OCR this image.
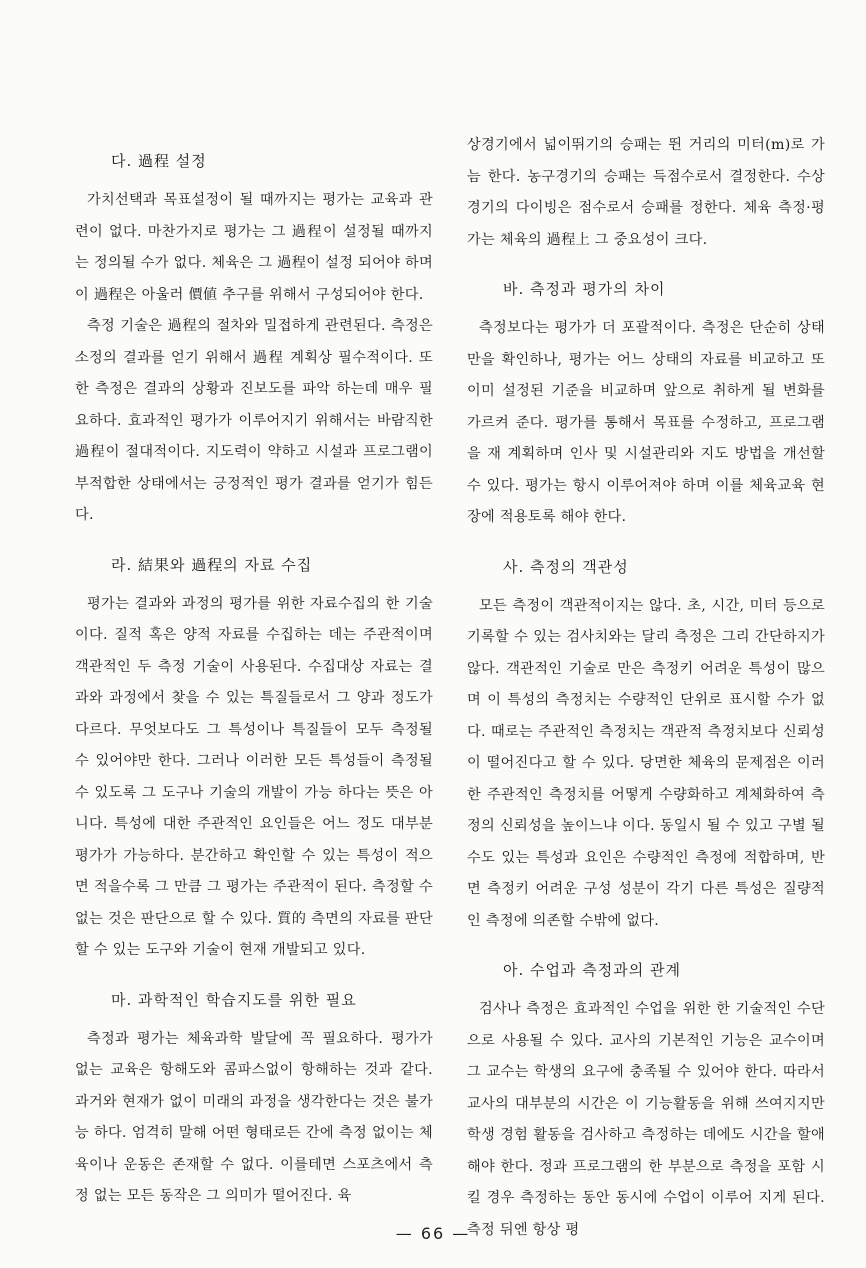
다. 過程 설정

가치선택과 목표설정이 될 때까지는 평가는 교육과 관련이 없다. 마찬가지로 평가는 그 過程이 설정될 때까지는 정의될 수가 없다. 체육은 그 過程이 설정 되어야 하며 이 過程은 아울러 價値 추구를 위해서 구성되어야 한다.

측정 기술은 過程의 절차와 밀접하게 관련된다. 측정은 소정의 결과를 얻기 위해서 過程 계획상 필수적이다. 또한 측정은 결과의 상황과 진보도를 파악 하는데 매우 필요하다. 효과적인 평가가 이루어지기 위해서는 바람직한 過程이 절대적이다. 지도력이 약하고 시설과 프로그램이 부적합한 상태에서는 긍정적인 평가 결과를 얻기가 힘든다.

라. 結果와 過程의 자료 수집

평가는 결과와 과정의 평가를 위한 자료수집의 한 기술이다. 질적 혹은 양적 자료를 수집하는 데는 주관적이며 객관적인 두 측정 기술이 사용된다. 수집대상 자료는 결과와 과정에서 찾을 수 있는 특질들로서 그 양과 정도가 다르다. 무엇보다도 그 특성이나 특질들이 모두 측정될 수 있어야만 한다. 그러나 이러한 모든 특성들이 측정될 수 있도록 그 도구나 기술의 개발이 가능 하다는 뜻은 아니다. 특성에 대한 주관적인 요인들은 어느 정도 대부분 평가가 가능하다. 분간하고 확인할 수 있는 특성이 적으면 적을수록 그 만큼 그 평가는 주관적이 된다. 측정할 수 없는 것은 판단으로 할 수 있다. 質的 측면의 자료를 판단할 수 있는 도구와 기술이 현재 개발되고 있다.

마. 과학적인 학습지도를 위한 필요

측정과 평가는 체육과학 발달에 꼭 필요하다. 평가가 없는 교육은 항해도와 콤파스없이 항해하는 것과 같다. 과거와 현재가 없이 미래의 과정을 생각한다는 것은 불가능 하다. 엄격히 말해 어떤 형태로든 간에 측정 없이는 체육이나 운동은 존재할 수 없다. 이를테면 스포츠에서 측정 없는 모든 동작은 그 의미가 떨어진다. 육

상경기에서 넓이뛰기의 승패는 뛴 거리의 미터(m)로 가늠 한다. 농구경기의 승패는 득점수로서 결정한다. 수상경기의 다이빙은 점수로서 승패를 정한다. 체육 측정·평가는 체육의 過程上 그 중요성이 크다.

바. 측정과 평가의 차이

측정보다는 평가가 더 포괄적이다. 측정은 단순히 상태만을 확인하나, 평가는 어느 상태의 자료를 비교하고 또 이미 설정된 기준을 비교하며 앞으로 취하게 될 변화를 가르켜 준다. 평가를 통해서 목표를 수정하고, 프로그램을 재 계획하며 인사 및 시설관리와 지도 방법을 개선할 수 있다. 평가는 항시 이루어져야 하며 이를 체육교육 현장에 적용토록 해야 한다.

사. 측정의 객관성

모든 측정이 객관적이지는 않다. 초, 시간, 미터 등으로 기록할 수 있는 검사치와는 달리 측정은 그리 간단하지가 않다. 객관적인 기술로 만은 측정키 어려운 특성이 많으며 이 특성의 측정치는 수량적인 단위로 표시할 수가 없다. 때로는 주관적인 측정치는 객관적 측정치보다 신뢰성이 떨어진다고 할 수 있다. 당면한 체육의 문제점은 이러한 주관적인 측정치를 어떻게 수량화하고 계체화하여 측정의 신뢰성을 높이느냐 이다. 동일시 될 수 있고 구별 될 수도 있는 특성과 요인은 수량적인 측정에 적합하며, 반면 측정키 어려운 구성 성분이 각기 다른 특성은 질량적인 측정에 의존할 수밖에 없다.

아. 수업과 측정과의 관계

검사나 측정은 효과적인 수업을 위한 한 기술적인 수단으로 사용될 수 있다. 교사의 기본적인 기능은 교수이며 그 교수는 학생의 요구에 충족될 수 있어야 한다. 따라서 교사의 대부분의 시간은 이 기능활동을 위해 쓰여지지만 학생 경험 활동을 검사하고 측정하는 데에도 시간을 할애 해야 한다. 정과 프로그램의 한 부분으로 측정을 포함 시킬 경우 측정하는 동안 동시에 수업이 이루어 지게 된다. 측정 뒤엔 항상 평

— 66 —
